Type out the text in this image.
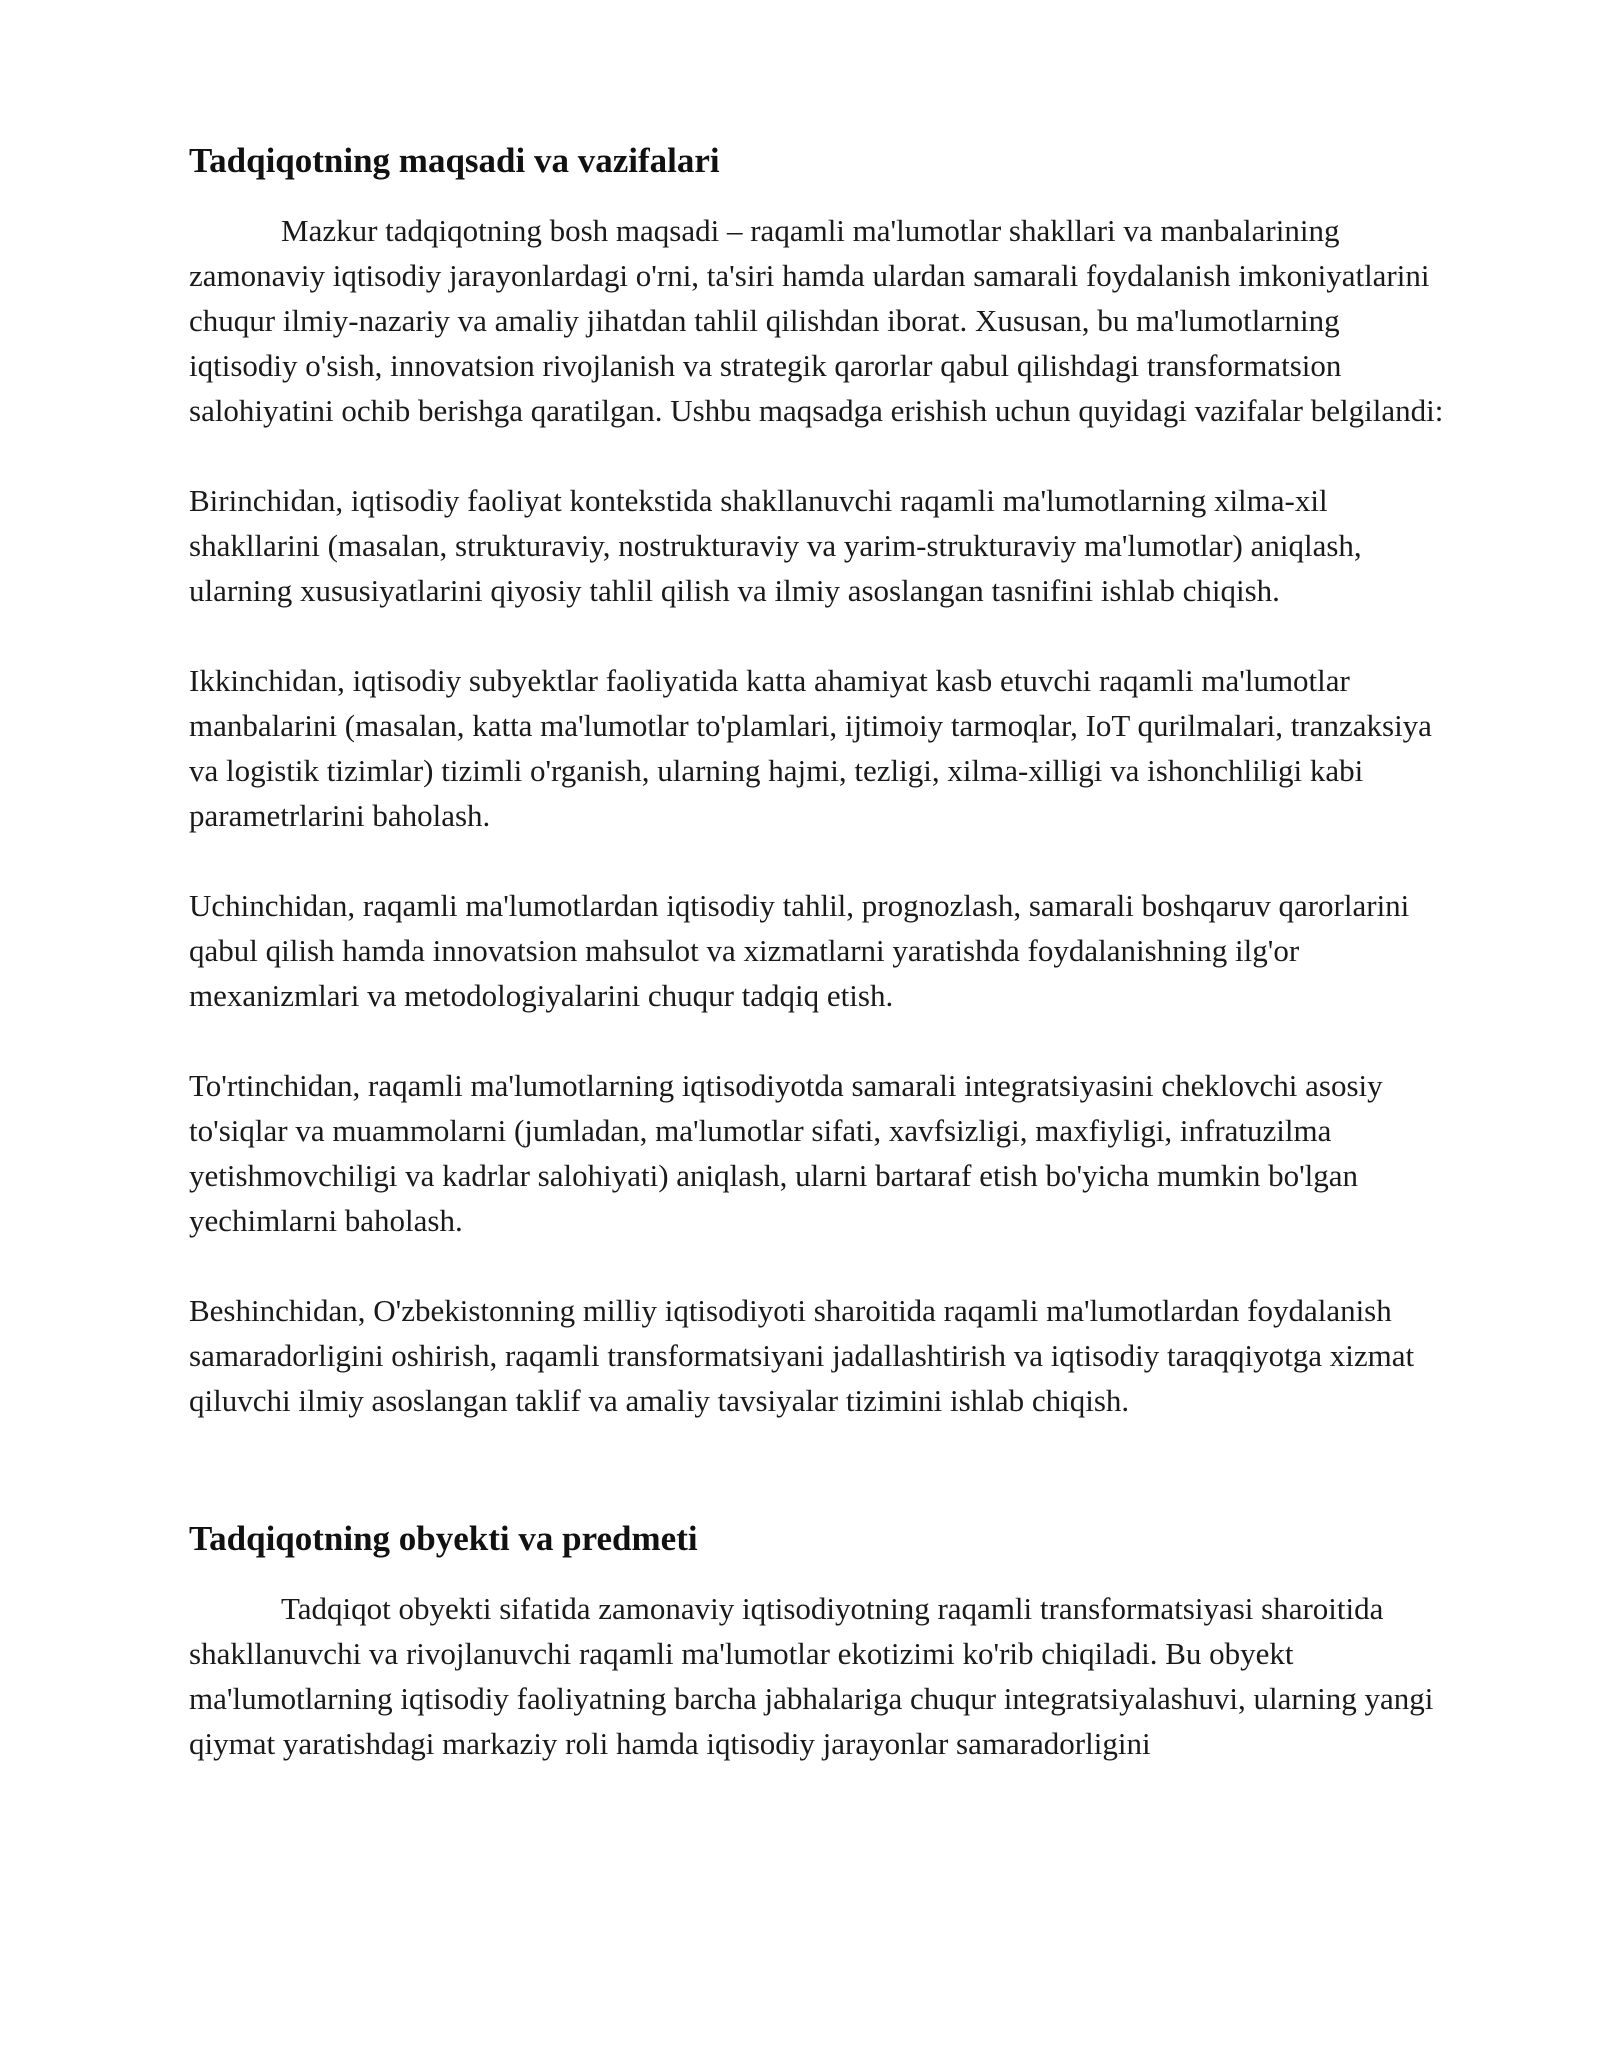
Tadqiqotning maqsadi va vazifalari

Mazkur tadqiqotning bosh maqsadi – raqamli ma'lumotlar shakllari va manbalarining zamonaviy iqtisodiy jarayonlardagi o'rni, ta'siri hamda ulardan samarali foydalanish imkoniyatlarini chuqur ilmiy-nazariy va amaliy jihatdan tahlil qilishdan iborat. Xususan, bu ma'lumotlarning iqtisodiy o'sish, innovatsion rivojlanish va strategik qarorlar qabul qilishdagi transformatsion salohiyatini ochib berishga qaratilgan. Ushbu maqsadga erishish uchun quyidagi vazifalar belgilandi:

Birinchidan, iqtisodiy faoliyat kontekstida shakllanuvchi raqamli ma'lumotlarning xilma-xil shakllarini (masalan, strukturaviy, nostrukturaviy va yarim-strukturaviy ma'lumotlar) aniqlash, ularning xususiyatlarini qiyosiy tahlil qilish va ilmiy asoslangan tasnifini ishlab chiqish.

Ikkinchidan, iqtisodiy subyektlar faoliyatida katta ahamiyat kasb etuvchi raqamli ma'lumotlar manbalarini (masalan, katta ma'lumotlar to'plamlari, ijtimoiy tarmoqlar, IoT qurilmalari, tranzaksiya va logistik tizimlar) tizimli o'rganish, ularning hajmi, tezligi, xilma-xilligi va ishonchliligi kabi parametrlarini baholash.

Uchinchidan, raqamli ma'lumotlardan iqtisodiy tahlil, prognozlash, samarali boshqaruv qarorlarini qabul qilish hamda innovatsion mahsulot va xizmatlarni yaratishda foydalanishning ilg'or mexanizmlari va metodologiyalarini chuqur tadqiq etish.

To'rtinchidan, raqamli ma'lumotlarning iqtisodiyotda samarali integratsiyasini cheklovchi asosiy to'siqlar va muammolarni (jumladan, ma'lumotlar sifati, xavfsizligi, maxfiyligi, infratuzilma yetishmovchiligi va kadrlar salohiyati) aniqlash, ularni bartaraf etish bo'yicha mumkin bo'lgan yechimlarni baholash.

Beshinchidan, O'zbekistonning milliy iqtisodiyoti sharoitida raqamli ma'lumotlardan foydalanish samaradorligini oshirish, raqamli transformatsiyani jadallashtirish va iqtisodiy taraqqiyotga xizmat qiluvchi ilmiy asoslangan taklif va amaliy tavsiyalar tizimini ishlab chiqish.

Tadqiqotning obyekti va predmeti

Tadqiqot obyekti sifatida zamonaviy iqtisodiyotning raqamli transformatsiyasi sharoitida shakllanuvchi va rivojlanuvchi raqamli ma'lumotlar ekotizimi ko'rib chiqiladi. Bu obyekt ma'lumotlarning iqtisodiy faoliyatning barcha jabhalariga chuqur integratsiyalashuvi, ularning yangi qiymat yaratishdagi markaziy roli hamda iqtisodiy jarayonlar samaradorligini
